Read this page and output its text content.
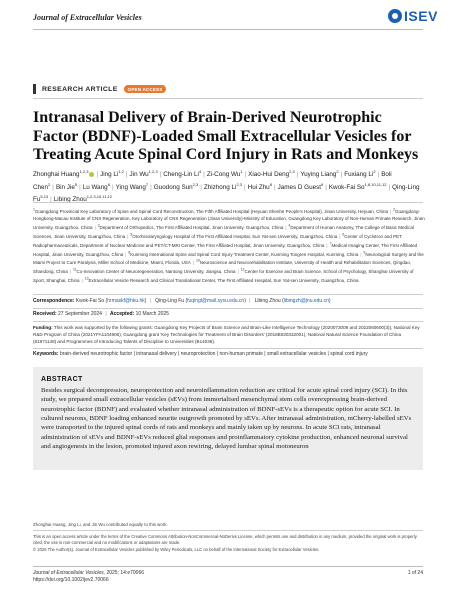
Journal of Extracellular Vesicles	ISEV
RESEARCH ARTICLE	OPEN ACCESS
Intranasal Delivery of Brain-Derived Neurotrophic Factor (BDNF)-Loaded Small Extracellular Vesicles for Treating Acute Spinal Cord Injury in Rats and Monkeys
Zhonghai Huang$^{1,2,3}$ | Jing Li$^{1,2}$ | Jin Wu$^{1,2,3}$ | Cheng-Lin Li$^4$ | Zi-Cong Wu$^1$ | Xiao-Hui Deng$^{2,3}$ | Yuying Liang$^2$ | Fuxiang Li$^2$ | Boli Chen$^2$ | Bin Jie$^5$ | Lu Wang$^6$ | Ying Wang$^7$ | Guodong Sun$^{2,3}$ | Zhizhong Li$^{2,3}$ | Hui Zhu$^8$ | James D Guest$^9$ | Kwok-Fai So$^{1,8,10,11,12}$ | Qing-Ling Fu$^{5,13}$ | Libing Zhou$^{1,2,3,10,11,12}$
$^1$Guangdong Provincial Key Laboratory of Spine and Spinal Cord Reconstruction, The Fifth Affiliated Hospital (Heyuan Shenhe People's Hospital), Jinan University, Heyuan, China | $^2$Guangdong-Hongkong-Macau Institute of CNS Regeneration, Key Laboratory of CNS Regeneration (Jinan University)-Ministry of Education, Guangdong Key Laboratory of Non-Human Primate Research, Jinan University, Guangzhou, China | $^3$Department of Orthopedics, The First Affiliated Hospital, Jinan University, Guangzhou, China | $^4$Department of Human Anatomy, The College of Basic Medical Sciences, Jinan University, Guangzhou, China | $^5$Otorhinolaryngology Hospital of The First Affiliated Hospital, Sun Yat-sen University, Guangzhou, China | $^6$Center of Cyclotron and PET Radiopharmaceuticals, Department of Nuclear Medicine and PET/CT-MRI Center, The First Affiliated Hospital, Jinan University, Guangzhou, China | $^7$Medical Imaging Center, The First Affiliated Hospital, Jinan University, Guangzhou, China | $^8$Kunming International Spine and Spinal Cord Injury Treatment Center, Kunming Tongren Hospital, Kunming, China | $^9$Neurological Surgery and the Miami Project to Cure Paralysis, Miller School of Medicine, Miami, Florida, USA | $^{10}$Neuroscience and Neurorehabilitation Institute, University of Health and Rehabilitation Sciences, Qingdao, Shandong, China | $^{11}$Co-Innovation Center of Neuroregeneration, Nantong University, Jiangsu, China | $^{12}$Center for Exercise and Brain Science, School of Psychology, Shanghai University of Sport, Shanghai, China | $^{13}$Extracellular Vesicle Research and Clinical Translational Center, The First Affiliated Hospital, Sun Yat-sen University, Guangzhou, China
Correspondence: Kwok-Fai So (hrmaskf@hku.hk) | Qing-Ling Fu (fuqingl@mail.sysu.edu.cn) | Libing Zhou (libingzh@jnu.edu.cn)
Received: 27 September 2024 | Accepted: 10 March 2025
Funding: This work was supported by the following grants: Guangdong Key Projects of Brain Science and Brain-Like Intelligence Technology (2020073009 and 2022060600(3)), National Key R&D Program of China (2021YFA1104906), Guangdong grant 'Key Technologies for Treatment of Brain Disorders' (2018B030332001), National Natural Science Foundation of China (81971148) and Programmes of Introducing Talents of Discipline to Universities (B14036).
Keywords: brain-derived neurotrophic factor | intranasal delivery | neuroprotection | non-human primate | small extracellular vesicles | spinal cord injury
ABSTRACT

Besides surgical decompression, neuroprotection and neuroinflammation reduction are critical for acute spinal cord injury (SCI). In this study, we prepared small extracellular vesicles (sEVs) from immortalised mesenchymal stem cells overexpressing brain-derived neurotrophic factor (BDNF) and evaluated whether intranasal administration of BDNF-sEVs is a therapeutic option for acute SCI. In cultured neurons, BDNF loading enhanced neurite outgrowth promoted by sEVs. After intranasal administration, mCherry-labelled sEVs were transported to the injured spinal cords of rats and monkeys and mainly taken up by neurons. In acute SCI rats, intranasal administration of sEVs and BDNF-sEVs reduced glial responses and proinflammatory cytokine production, enhanced neuronal survival and angiogenesis in the lesion, promoted injured axon rewiring, delayed lumbar spinal motoneuron

Zhonghai Huang, Jing Li, and Jin Wu contributed equally to this work.
This is an open access article under the terms of the Creative Commons Attribution-NonCommercial-NoDerivs License, which permits use and distribution in any medium, provided the original work is properly cited, the use is non-commercial and no modifications or adaptations are made.
© 2025 The Author(s). Journal of Extracellular Vesicles published by Wiley Periodicals, LLC on behalf of the International Society for Extracellular Vesicles.
Journal of Extracellular Vesicles, 2025; 14:e70066
https://doi.org/10.1002/jev2.70066
1 of 24
